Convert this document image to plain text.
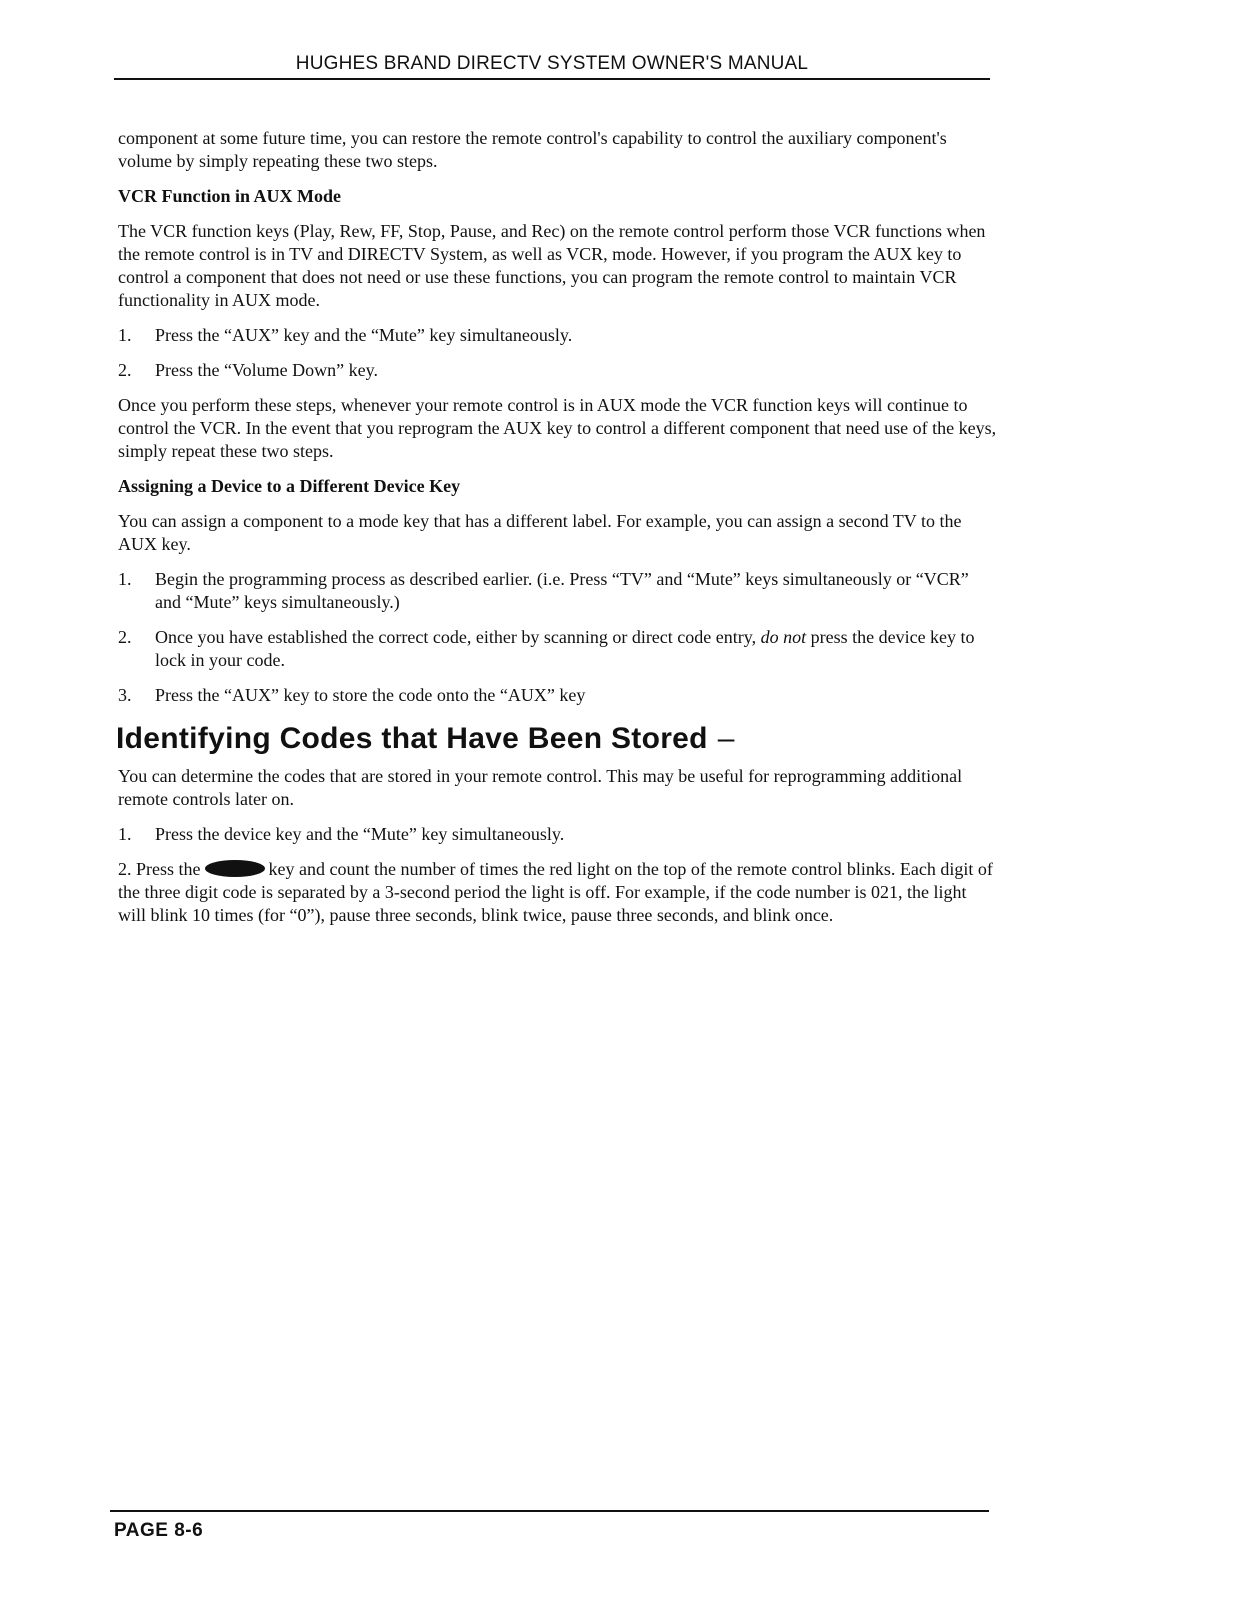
HUGHES BRAND DIRECTV SYSTEM OWNER'S MANUAL

component at some future time, you can restore the remote control's capability to control the auxiliary component's volume by simply repeating these two steps.

VCR Function in AUX Mode

The VCR function keys (Play, Rew, FF, Stop, Pause, and Rec) on the remote control perform those VCR functions when the remote control is in TV and DIRECTV System, as well as VCR, mode. However, if you program the AUX key to control a component that does not need or use these functions, you can program the remote control to maintain VCR functionality in AUX mode.

1.	Press the “AUX” key and the “Mute” key simultaneously.
2.	Press the “Volume Down” key.

Once you perform these steps, whenever your remote control is in AUX mode the VCR function keys will continue to control the VCR. In the event that you reprogram the AUX key to control a different component that need use of the keys, simply repeat these two steps.

Assigning a Device to a Different Device Key

You can assign a component to a mode key that has a different label. For example, you can assign a second TV to the AUX key.

1.	Begin the programming process as described earlier. (i.e. Press “TV” and “Mute” keys simultaneously or “VCR” and “Mute” keys simultaneously.)
2.	Once you have established the correct code, either by scanning or direct code entry, do not press the device key to lock in your code.
3.	Press the “AUX” key to store the code onto the “AUX” key
Identifying Codes that Have Been Stored –

You can determine the codes that are stored in your remote control. This may be useful for reprogramming additional remote controls later on.

1.	Press the device key and the “Mute” key simultaneously.
2. Press the	key and count the number of times the red light on the top of the remote control blinks. Each digit of the three digit code is separated by a 3-second period the light is off. For example, if the code number is 021, the light will blink 10 times (for “0”), pause three seconds, blink twice, pause three seconds, and blink once.
PAGE 8-6
